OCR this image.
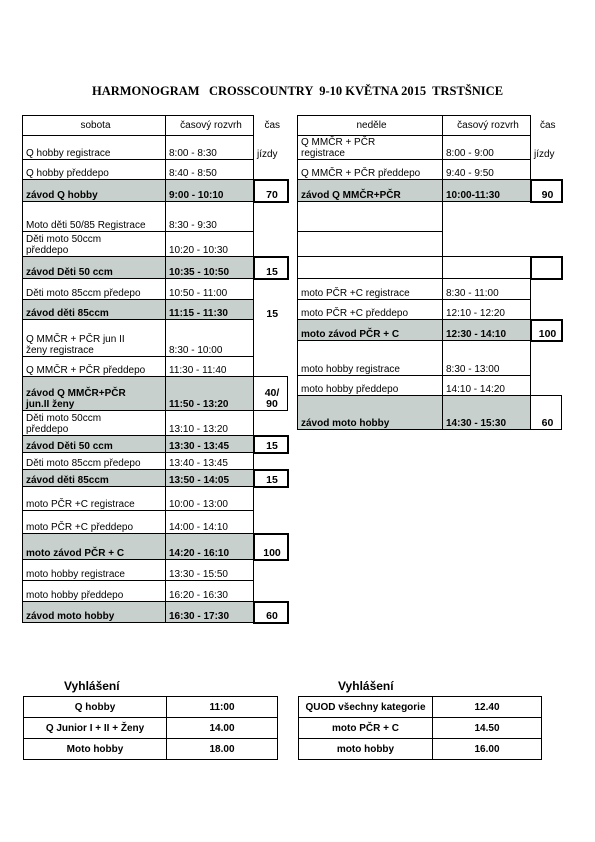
HARMONOGRAM   CROSSCOUNTRY  9-10 KVĚTNA 2015  TRSTŠNICE
sobota	časový rozvrh	čas
Q hobby registrace	8:00 - 8:30	jízdy
Q hobby předdepo	8:40 - 8:50	
závod Q hobby	9:00 - 10:10	70
Moto děti 50/85 Registrace	8:30 - 9:30	
Děti moto 50ccm
předdepo	10:20 - 10:30	
závod Děti 50 ccm	10:35 - 10:50	15
Děti moto 85ccm předepo	10:50 - 11:00	
závod děti 85ccm	11:15 - 11:30	15
Q MMČR + PČR jun II
ženy registrace	8:30 - 10:00	
Q MMČR + PČR předdepo	11:30 - 11:40	
závod Q MMČR+PČR
jun.II ženy	11:50 - 13:20	40/
90
Děti moto 50ccm
předdepo	13:10 - 13:20	
závod Děti 50 ccm	13:30 - 13:45	15
Děti moto 85ccm předepo	13:40 - 13:45	
závod děti 85ccm	13:50 - 14:05	15
moto PČR +C registrace	10:00 - 13:00	
moto PČR +C předdepo	14:00 - 14:10	
moto závod PČR + C	14:20 - 16:10	100
moto hobby registrace	13:30 - 15:50	
moto hobby předdepo	16:20 - 16:30	
závod moto hobby	16:30 - 17:30	60
neděle	časový rozvrh	čas
Q MMČR + PČR
registrace	8:00 - 9:00	jízdy
Q MMČR + PČR předdepo	9:40 - 9:50	
závod Q MMČR+PČR	10:00-11:30	90

moto PČR +C registrace	8:30 - 11:00	
moto PČR +C předdepo	12:10 - 12:20	
moto závod PČR + C	12:30 - 14:10	100
moto hobby registrace	8:30 - 13:00	
moto hobby předdepo	14:10 - 14:20	
závod moto hobby	14:30 - 15:30	60
Vyhlášení
Q hobby	11:00
Q Junior I + II + Ženy	14.00
Moto hobby	18.00
Vyhlášení
QUOD všechny kategorie	12.40
moto PČR + C	14.50
moto hobby	16.00
